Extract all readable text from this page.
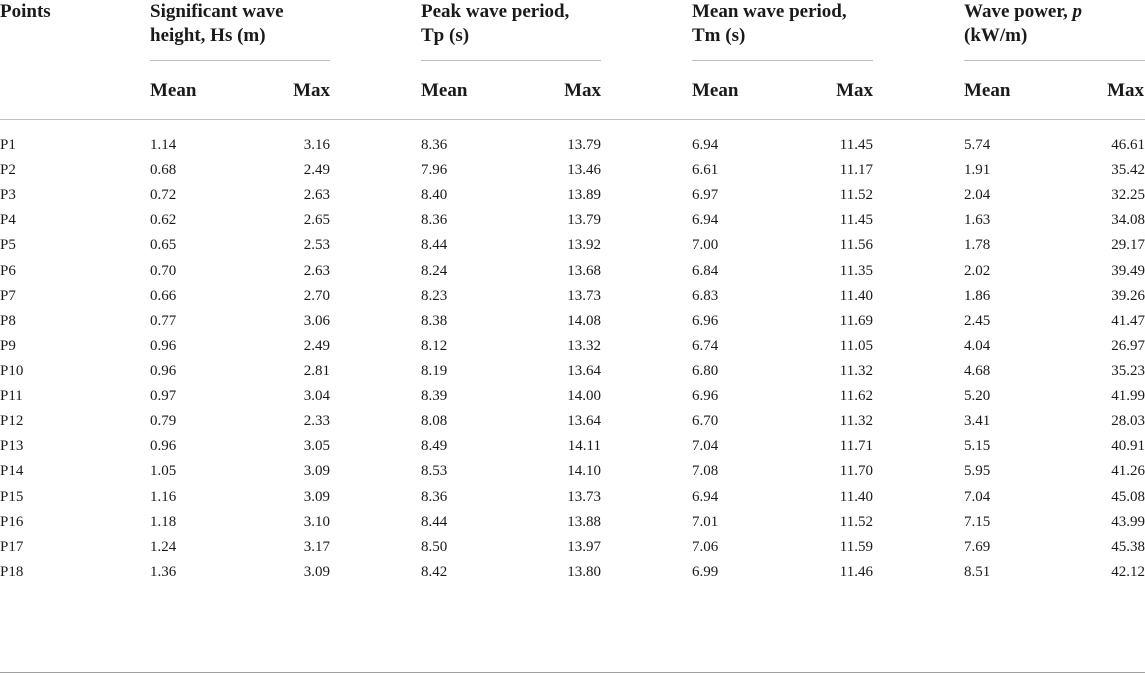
Points	Significant wave
height, Hs (m)
Peak wave period,
Tp (s)
Mean wave period,
Tm (s)
Wave power, p
(kW/m)
Mean	Max	Mean	Max	Mean	Max	Mean	Max
P1	1.14	3.16		8.36	13.79		6.94	11.45		5.74	46.61
P2	0.68	2.49		7.96	13.46		6.61	11.17		1.91	35.42
P3	0.72	2.63		8.40	13.89		6.97	11.52		2.04	32.25
P4	0.62	2.65		8.36	13.79		6.94	11.45		1.63	34.08
P5	0.65	2.53		8.44	13.92		7.00	11.56		1.78	29.17
P6	0.70	2.63		8.24	13.68		6.84	11.35		2.02	39.49
P7	0.66	2.70		8.23	13.73		6.83	11.40		1.86	39.26
P8	0.77	3.06		8.38	14.08		6.96	11.69		2.45	41.47
P9	0.96	2.49		8.12	13.32		6.74	11.05		4.04	26.97
P10	0.96	2.81		8.19	13.64		6.80	11.32		4.68	35.23
P11	0.97	3.04		8.39	14.00		6.96	11.62		5.20	41.99
P12	0.79	2.33		8.08	13.64		6.70	11.32		3.41	28.03
P13	0.96	3.05		8.49	14.11		7.04	11.71		5.15	40.91
P14	1.05	3.09		8.53	14.10		7.08	11.70		5.95	41.26
P15	1.16	3.09		8.36	13.73		6.94	11.40		7.04	45.08
P16	1.18	3.10		8.44	13.88		7.01	11.52		7.15	43.99
P17	1.24	3.17		8.50	13.97		7.06	11.59		7.69	45.38
P18	1.36	3.09		8.42	13.80		6.99	11.46		8.51	42.12
